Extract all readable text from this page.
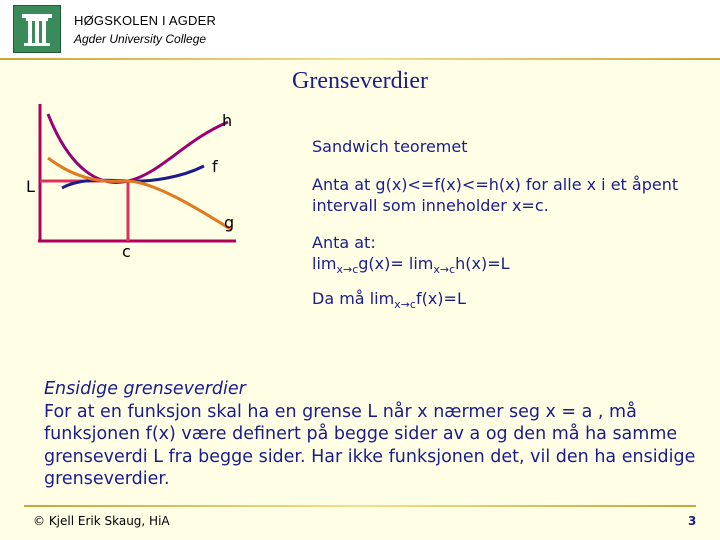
HØGSKOLEN I AGDER
Agder University College
Grenseverdier
h
f
g
L
c

Sandwich teoremet

Anta at g(x)<=f(x)<=h(x) for alle x i et åpent intervall som inneholder x=c.

Anta at:

$\lim_{x\to c}g(x)= \lim_{x\to c}h(x)=L$

Da må $\lim_{x\to c}f(x)=L$

Ensidige grenseverdier

For at en funksjon skal ha en grense L når x nærmer seg x = a , må funksjonen f(x) være definert på begge sider av a og den må ha samme grenseverdi L fra begge sider. Har ikke funksjonen det, vil den ha ensidige grenseverdier.

© Kjell Erik Skaug, HiA	3
